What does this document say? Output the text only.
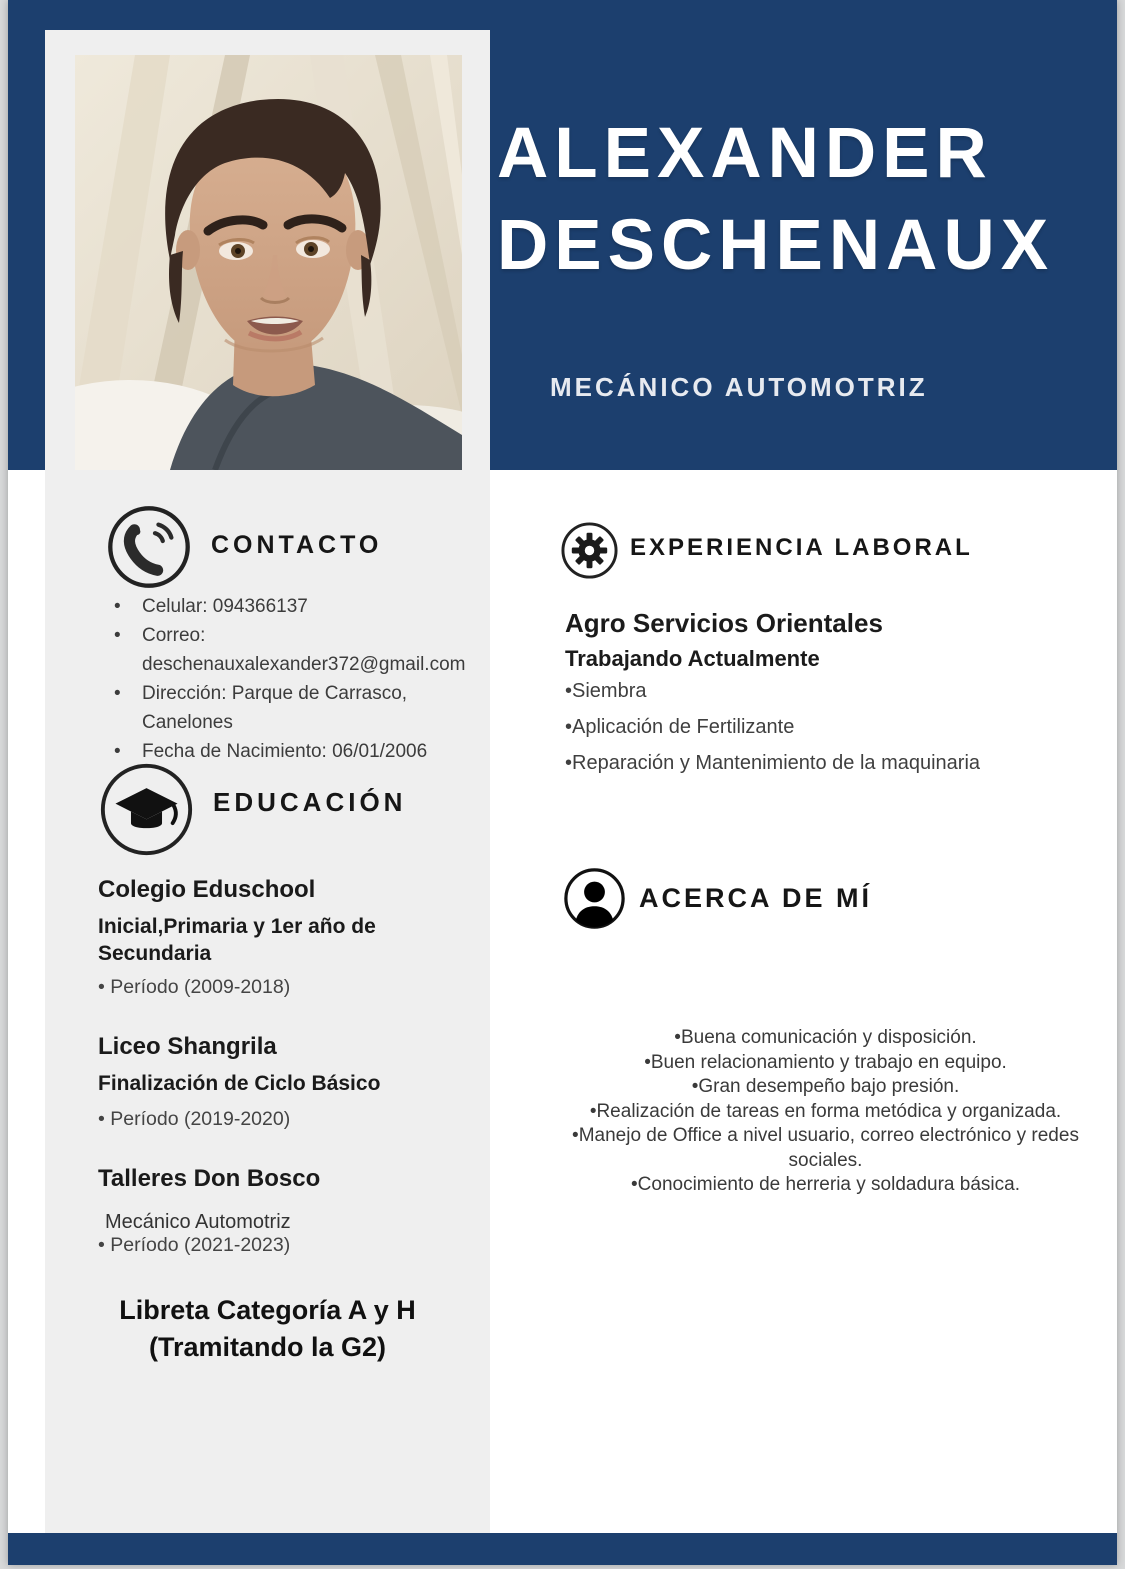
ALEXANDER
DESCHENAUX
MECÁNICO AUTOMOTRIZ
CONTACTO
•	Celular: 094366137
•	Correo:
deschenauxalexander372@gmail.com
•	Dirección: Parque de Carrasco,
Canelones
•	Fecha de Nacimiento: 06/01/2006
EDUCACIÓN
Colegio Eduschool
Inicial,Primaria y 1er año de Secundaria
• Período (2009-2018)
Liceo Shangrila
Finalización de Ciclo Básico
• Período (2019-2020)
Talleres Don Bosco
Mecánico Automotriz
• Período (2021-2023)
Libreta Categoría A y H
(Tramitando la G2)
EXPERIENCIA LABORAL
Agro Servicios Orientales
Trabajando Actualmente
•Siembra
•Aplicación de Fertilizante
•Reparación y Mantenimiento de la maquinaria
ACERCA DE MÍ
•Buena comunicación y disposición.
•Buen relacionamiento y trabajo en equipo.
•Gran desempeño bajo presión.
•Realización de tareas en forma metódica y organizada.
•Manejo de Office a nivel usuario, correo electrónico y redes sociales.
•Conocimiento de herreria y soldadura básica.
